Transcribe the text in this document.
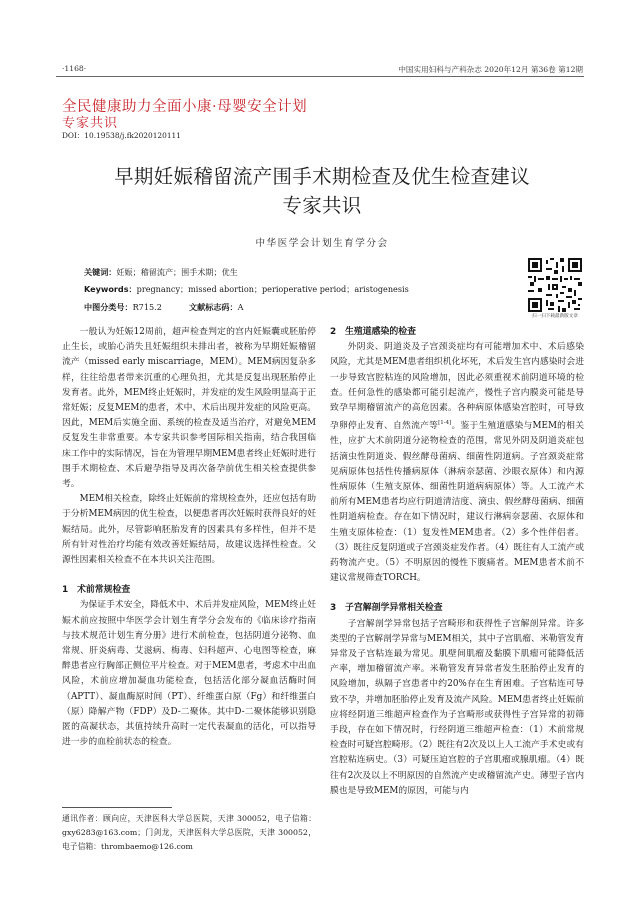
·1168·	中国实用妇科与产科杂志 2020年12月 第36卷 第12期
全民健康助力全面小康·母婴安全计划
专家共识
DOI：10.19538/j.fk2020120111
早期妊娠稽留流产围手术期检查及优生检查建议
专家共识
中华医学会计划生育学分会
关键词：妊娠；稽留流产；围手术期；优生
Keywords：pregnancy；missed abortion；perioperative period；aristogenesis
中图分类号：R715.2	文献标志码：A
扫一扫下载最新版文章

一般认为妊娠12周前，超声检查判定的宫内妊娠囊或胚胎停止生长，或胎心消失且妊娠组织未排出者，被称为早期妊娠稽留流产（missed early miscarriage，MEM）。MEM病因复杂多样，往往给患者带来沉重的心理负担，尤其是反复出现胚胎停止发育者。此外，MEM终止妊娠时，并发症的发生风险明显高于正常妊娠；反复MEM的患者，术中、术后出现并发症的风险更高。因此，MEM后实施全面、系统的检查及适当治疗，对避免MEM反复发生非常重要。本专家共识参考国际相关指南，结合我国临床工作中的实际情况，旨在为管理早期MEM患者终止妊娠时进行围手术期检查、术后避孕指导及再次备孕前优生相关检查提供参考。

MEM相关检查，除终止妊娠前的常规检查外，还应包括有助于分析MEM病因的优生检查，以便患者再次妊娠时获得良好的妊娠结局。此外，尽管影响胚胎发育的因素具有多样性，但并不是所有针对性治疗均能有效改善妊娠结局，故建议选择性检查。父源性因素相关检查不在本共识关注范围。

1　术前常规检查

为保证手术安全，降低术中、术后并发症风险，MEM终止妊娠术前应按照中华医学会计划生育学分会发布的《临床诊疗指南与技术规范计划生育分册》进行术前检查，包括阴道分泌物、血常规、肝炎病毒、艾滋病、梅毒、妇科超声、心电图等检查，麻醉患者应行胸部正侧位平片检查。对于MEM患者，考虑术中出血风险，术前应增加凝血功能检查，包括活化部分凝血活酶时间（APTT）、凝血酶原时间（PT）、纤维蛋白原（Fg）和纤维蛋白（原）降解产物（FDP）及D-二聚体。其中D-二聚体能够识别隐匿的高凝状态，其值持续升高时一定代表凝血的活化，可以指导进一步的血栓前状态的检查。

通讯作者：顾向应，天津医科大学总医院，天津 300052，电子信箱：gxy6283@163.com；门剑龙，天津医科大学总医院，天津 300052，电子信箱：thrombaemo@126.com
2　生殖道感染的检查

外阴炎、阴道炎及子宫颈炎症均有可能增加术中、术后感染风险，尤其是MEM患者组织机化坏死，术后发生宫内感染时会进一步导致宫腔粘连的风险增加，因此必须重视术前阴道环境的检查。任何急性的感染都可能引起流产，慢性子宫内膜炎可能是导致孕早期稽留流产的高危因素。各种病原体感染宫腔时，可导致孕卵停止发育、自然流产等[1-4]。鉴于生殖道感染与MEM的相关性，应扩大术前阴道分泌物检查的范围，常见外阴及阴道炎症包括滴虫性阴道炎、假丝酵母菌病、细菌性阴道病。子宫颈炎症常见病原体包括性传播病原体（淋病奈瑟菌、沙眼衣原体）和内源性病原体（生殖支原体、细菌性阴道病病原体）等。人工流产术前所有MEM患者均应行阴道清洁度、滴虫、假丝酵母菌病、细菌性阴道病检查。存在如下情况时，建议行淋病奈瑟菌、衣原体和生殖支原体检查：（1）复发性MEM患者。（2）多个性伴侣者。（3）既往反复阴道或子宫颈炎症发作者。（4）既往有人工流产或药物流产史。（5）不明原因的慢性下腹痛者。MEM患者术前不建议常规筛查TORCH。

3　子宫解剖学异常相关检查

子宫解剖学异常包括子宫畸形和获得性子宫解剖异常。许多类型的子宫解剖学异常与MEM相关，其中子宫肌瘤、米勒管发育异常及子宫粘连最为常见。肌壁间肌瘤及黏膜下肌瘤可能降低活产率，增加稽留流产率。米勒管发育异常者发生胚胎停止发育的风险增加，纵隔子宫患者中约20%存在生育困难。子宫粘连可导致不孕，并增加胚胎停止发育及流产风险。MEM患者终止妊娠前应将经阴道三维超声检查作为子宫畸形或获得性子宫异常的初筛手段，存在如下情况时，行经阴道三维超声检查：（1）术前常规检查时可疑宫腔畸形。（2）既往有2次及以上人工流产手术史或有宫腔粘连病史。（3）可疑压迫宫腔的子宫肌瘤或腺肌瘤。（4）既往有2次及以上不明原因的自然流产史或稽留流产史。薄型子宫内膜也是导致MEM的原因，可能与内
